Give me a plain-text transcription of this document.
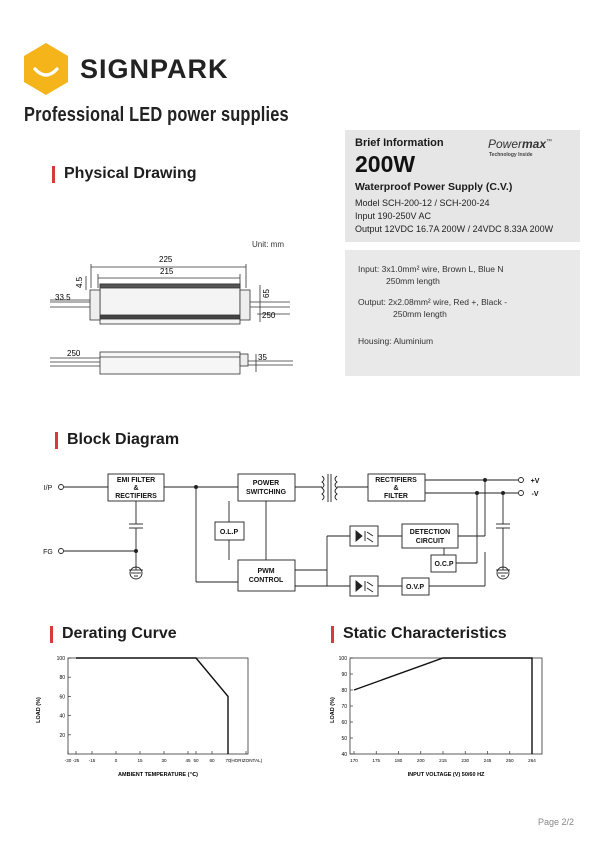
SIGNPARK
Professional LED power supplies
Physical Drawing
Unit: mm
225
215
4.5
33.5	65
250
250	35
Brief Information	Powermax™
Technology Inside
200W
Waterproof Power Supply (C.V.)
Model SCH-200-12 / SCH-200-24
Input 190-250V AC
Output 12VDC 16.7A 200W / 24VDC 8.33A 200W
Input: 3x1.0mm² wire, Brown L, Blue N
250mm length
Output: 2x2.08mm² wire, Red +, Black -
250mm length
Housing: Aluminium
Block Diagram
I/P
FG
EMI FILTER
&
RECTIFIERS
POWER
SWITCHING
RECTIFIERS
&
FILTER
O.L.P
PWM
CONTROL
DETECTION
CIRCUIT
O.C.P
O.V.P
+V
-V
Derating Curve
LOAD (%)
AMBIENT TEMPERATURE (℃)
20
40
60
80
100
-30 -25 -15	0	15	30	45 50 60 70 (HORIZONTAL)
Static Characteristics
LOAD (%)
INPUT VOLTAGE (V) 50/60 HZ
40
50
60
70
80
90
100
170	175	180	200	215	230	245	250	264
Page 2/2
